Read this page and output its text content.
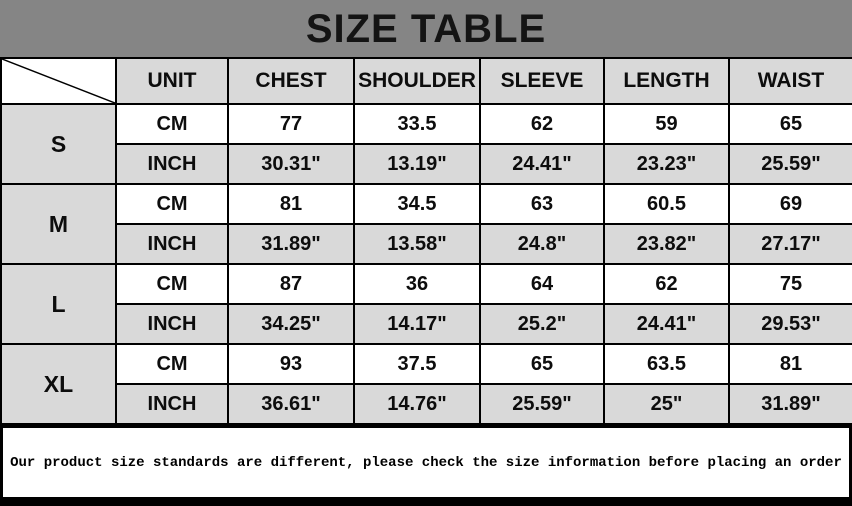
SIZE TABLE
	UNIT	CHEST	SHOULDER	SLEEVE	LENGTH	WAIST
S	CM	77	33.5	62	59	65
	INCH	30.31"	13.19"	24.41"	23.23"	25.59"
M	CM	81	34.5	63	60.5	69
	INCH	31.89"	13.58"	24.8"	23.82"	27.17"
L	CM	87	36	64	62	75
	INCH	34.25"	14.17"	25.2"	24.41"	29.53"
XL	CM	93	37.5	65	63.5	81
	INCH	36.61"	14.76"	25.59"	25"	31.89"
Our product size standards are different, please check the size information before placing an order
